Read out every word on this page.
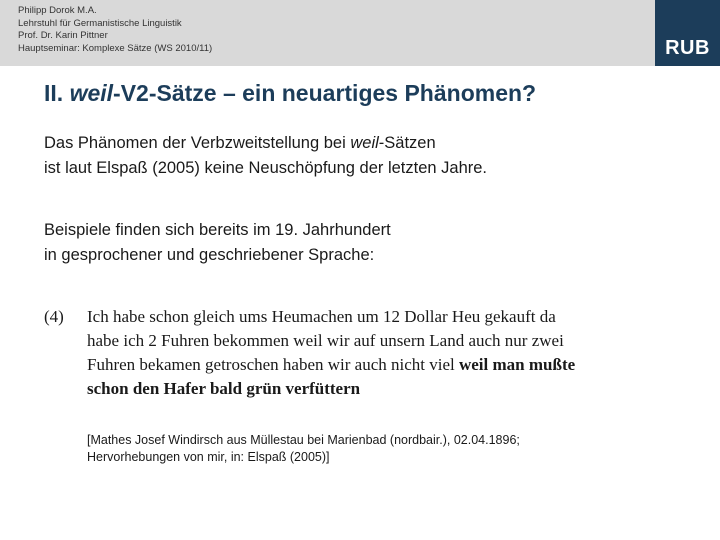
Philipp Dorok M.A.
Lehrstuhl für Germanistische Linguistik
Prof. Dr. Karin Pittner
Hauptseminar: Komplexe Sätze (WS 2010/11)	RUB
II. weil-V2-Sätze – ein neuartiges Phänomen?
Das Phänomen der Verbzweitstellung bei weil-Sätzen
ist laut Elspaß (2005) keine Neuschöpfung der letzten Jahre.
Beispiele finden sich bereits im 19. Jahrhundert
in gesprochener und geschriebener Sprache:
(4) Ich habe schon gleich ums Heumachen um 12 Dollar Heu gekauft da
habe ich 2 Fuhren bekommen weil wir auf unsern Land auch nur zwei
Fuhren bekamen getroschen haben wir auch nicht viel weil man mußte
schon den Hafer bald grün verfüttern
[Mathes Josef Windirsch aus Müllestau bei Marienbad (nordbair.), 02.04.1896;
Hervorhebungen von mir, in: Elspaß (2005)]
